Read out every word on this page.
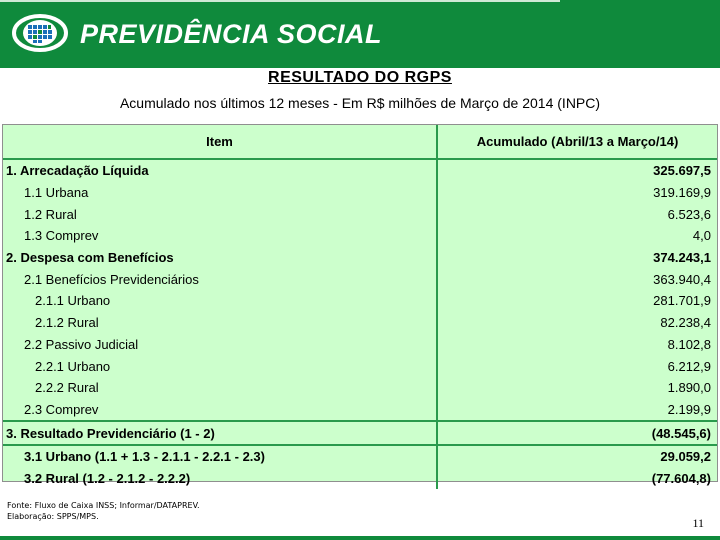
PREVIDÊNCIA SOCIAL
RESULTADO DO RGPS
Acumulado nos últimos 12 meses - Em R$ milhões de Março de 2014 (INPC)
Item	Acumulado (Abril/13 a Março/14)
1. Arrecadação Líquida	325.697,5
1.1 Urbana	319.169,9
1.2 Rural	6.523,6
1.3 Comprev	4,0
2. Despesa com Benefícios	374.243,1
2.1 Benefícios Previdenciários	363.940,4
2.1.1 Urbano	281.701,9
2.1.2 Rural	82.238,4
2.2 Passivo Judicial	8.102,8
2.2.1 Urbano	6.212,9
2.2.2 Rural	1.890,0
2.3 Comprev	2.199,9
3. Resultado Previdenciário (1 - 2)	(48.545,6)
3.1 Urbano (1.1 + 1.3 - 2.1.1 - 2.2.1 - 2.3)	29.059,2
3.2 Rural (1.2 - 2.1.2 - 2.2.2)	(77.604,8)
Fonte: Fluxo de Caixa INSS; Informar/DATAPREV.
Elaboração: SPPS/MPS.	11
